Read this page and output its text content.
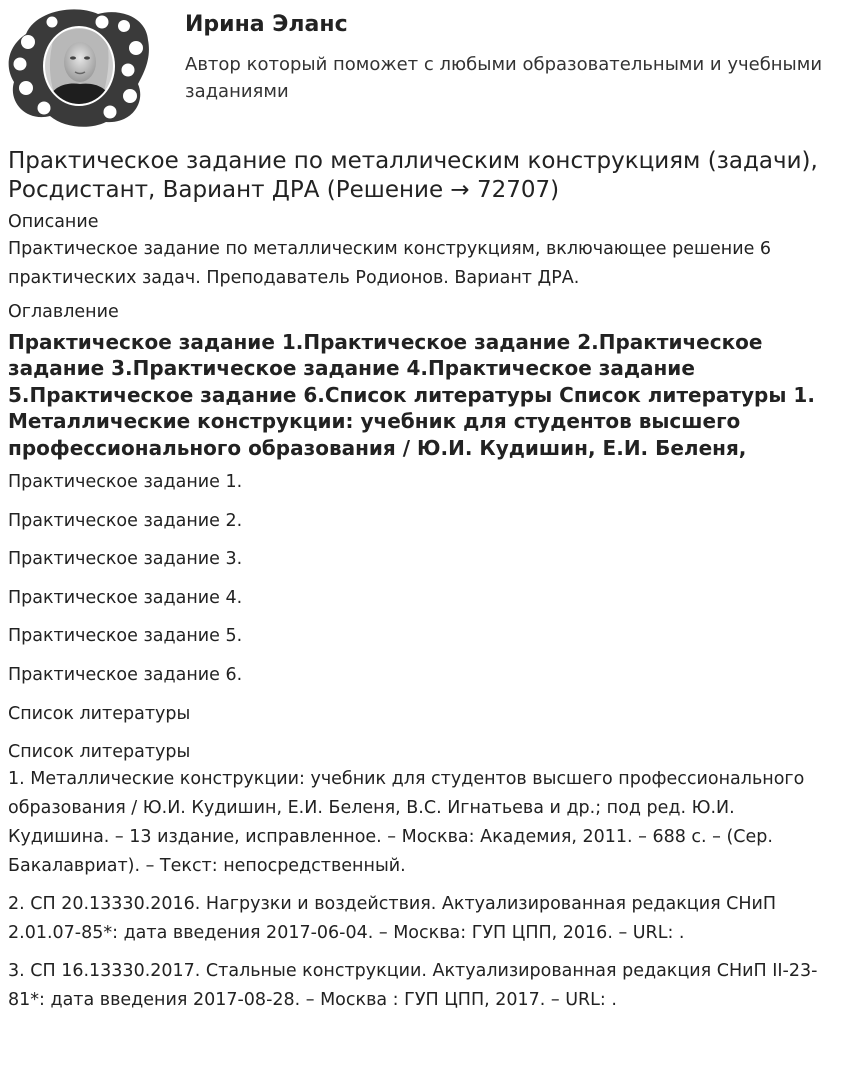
Ирина Эланс
Автор который поможет с любыми образовательными и учебными заданиями
Практическое задание по металлическим конструкциям (задачи), Росдистант, Вариант ДРА (Решение → 72707)

Описание

Практическое задание по металлическим конструкциям, включающее решение 6 практических задач. Преподаватель Родионов. Вариант ДРА.

Оглавление

Практическое задание 1.Практическое задание 2.Практическое задание 3.Практическое задание 4.Практическое задание 5.Практическое задание 6.Список литературы Список литературы 1. Металлические конструкции: учебник для студентов высшего профессионального образования / Ю.И. Кудишин, Е.И. Беленя,

Практическое задание 1.
Практическое задание 2.
Практическое задание 3.
Практическое задание 4.
Практическое задание 5.
Практическое задание 6.
Список литературы

Список литературы

1. Металлические конструкции: учебник для студентов высшего профессионального образования / Ю.И. Кудишин, Е.И. Беленя, В.С. Игнатьева и др.; под ред. Ю.И. Кудишина. – 13 издание, исправленное. – Москва: Академия, 2011. – 688 с. – (Сер. Бакалавриат). – Текст: непосредственный.

2. СП 20.13330.2016. Нагрузки и воздействия. Актуализированная редакция СНиП 2.01.07-85*: дата введения 2017-06-04. – Москва: ГУП ЦПП, 2016. – URL: .

3. СП 16.13330.2017. Стальные конструкции. Актуализированная редакция СНиП II-23-81*: дата введения 2017-08-28. – Москва : ГУП ЦПП, 2017. – URL: .
